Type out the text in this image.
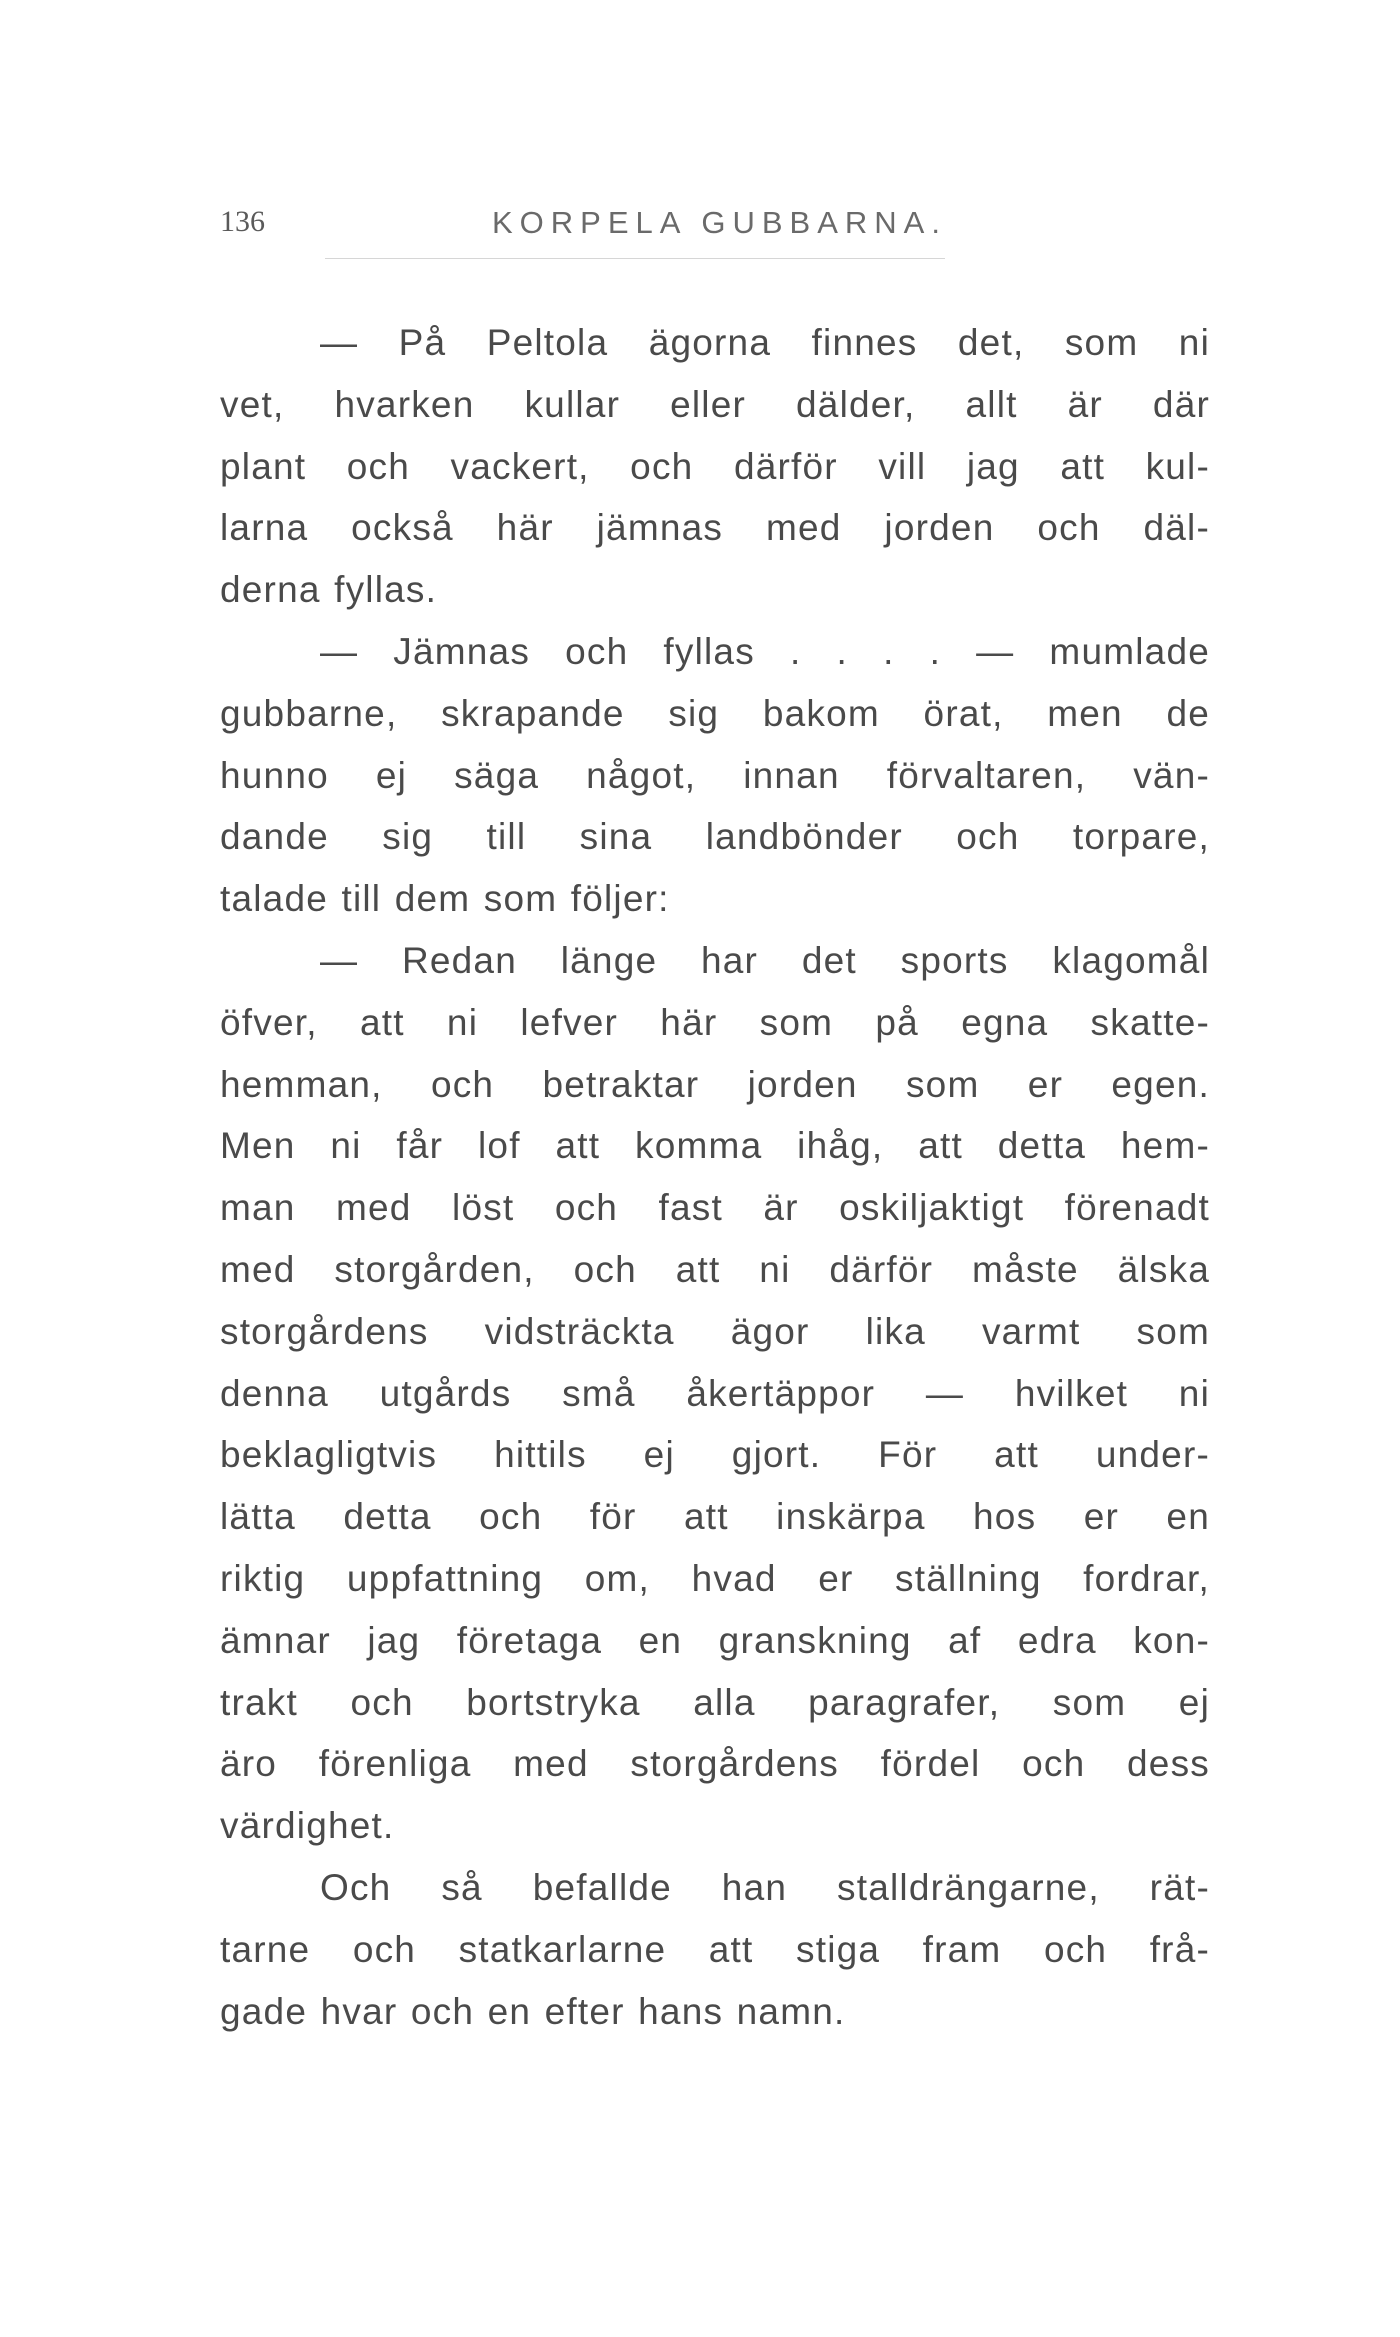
136	KORPELA GUBBARNA.
— På Peltola ägorna finnes det, som ni
vet, hvarken kullar eller dälder, allt är där
plant och vackert, och därför vill jag att kul-
larna också här jämnas med jorden och däl-
derna fyllas.
— Jämnas och fyllas . . . . — mumlade
gubbarne, skrapande sig bakom örat, men de
hunno ej säga något, innan förvaltaren, vän-
dande sig till sina landbönder och torpare,
talade till dem som följer:
— Redan länge har det sports klagomål
öfver, att ni lefver här som på egna skatte-
hemman, och betraktar jorden som er egen.
Men ni får lof att komma ihåg, att detta hem-
man med löst och fast är oskiljaktigt förenadt
med storgården, och att ni därför måste älska
storgårdens vidsträckta ägor lika varmt som
denna utgårds små åkertäppor — hvilket ni
beklagligtvis hittils ej gjort. För att under-
lätta detta och för att inskärpa hos er en
riktig uppfattning om, hvad er ställning fordrar,
ämnar jag företaga en granskning af edra kon-
trakt och bortstryka alla paragrafer, som ej
äro förenliga med storgårdens fördel och dess
värdighet.
Och så befallde han stalldrängarne, rät-
tarne och statkarlarne att stiga fram och frå-
gade hvar och en efter hans namn.
